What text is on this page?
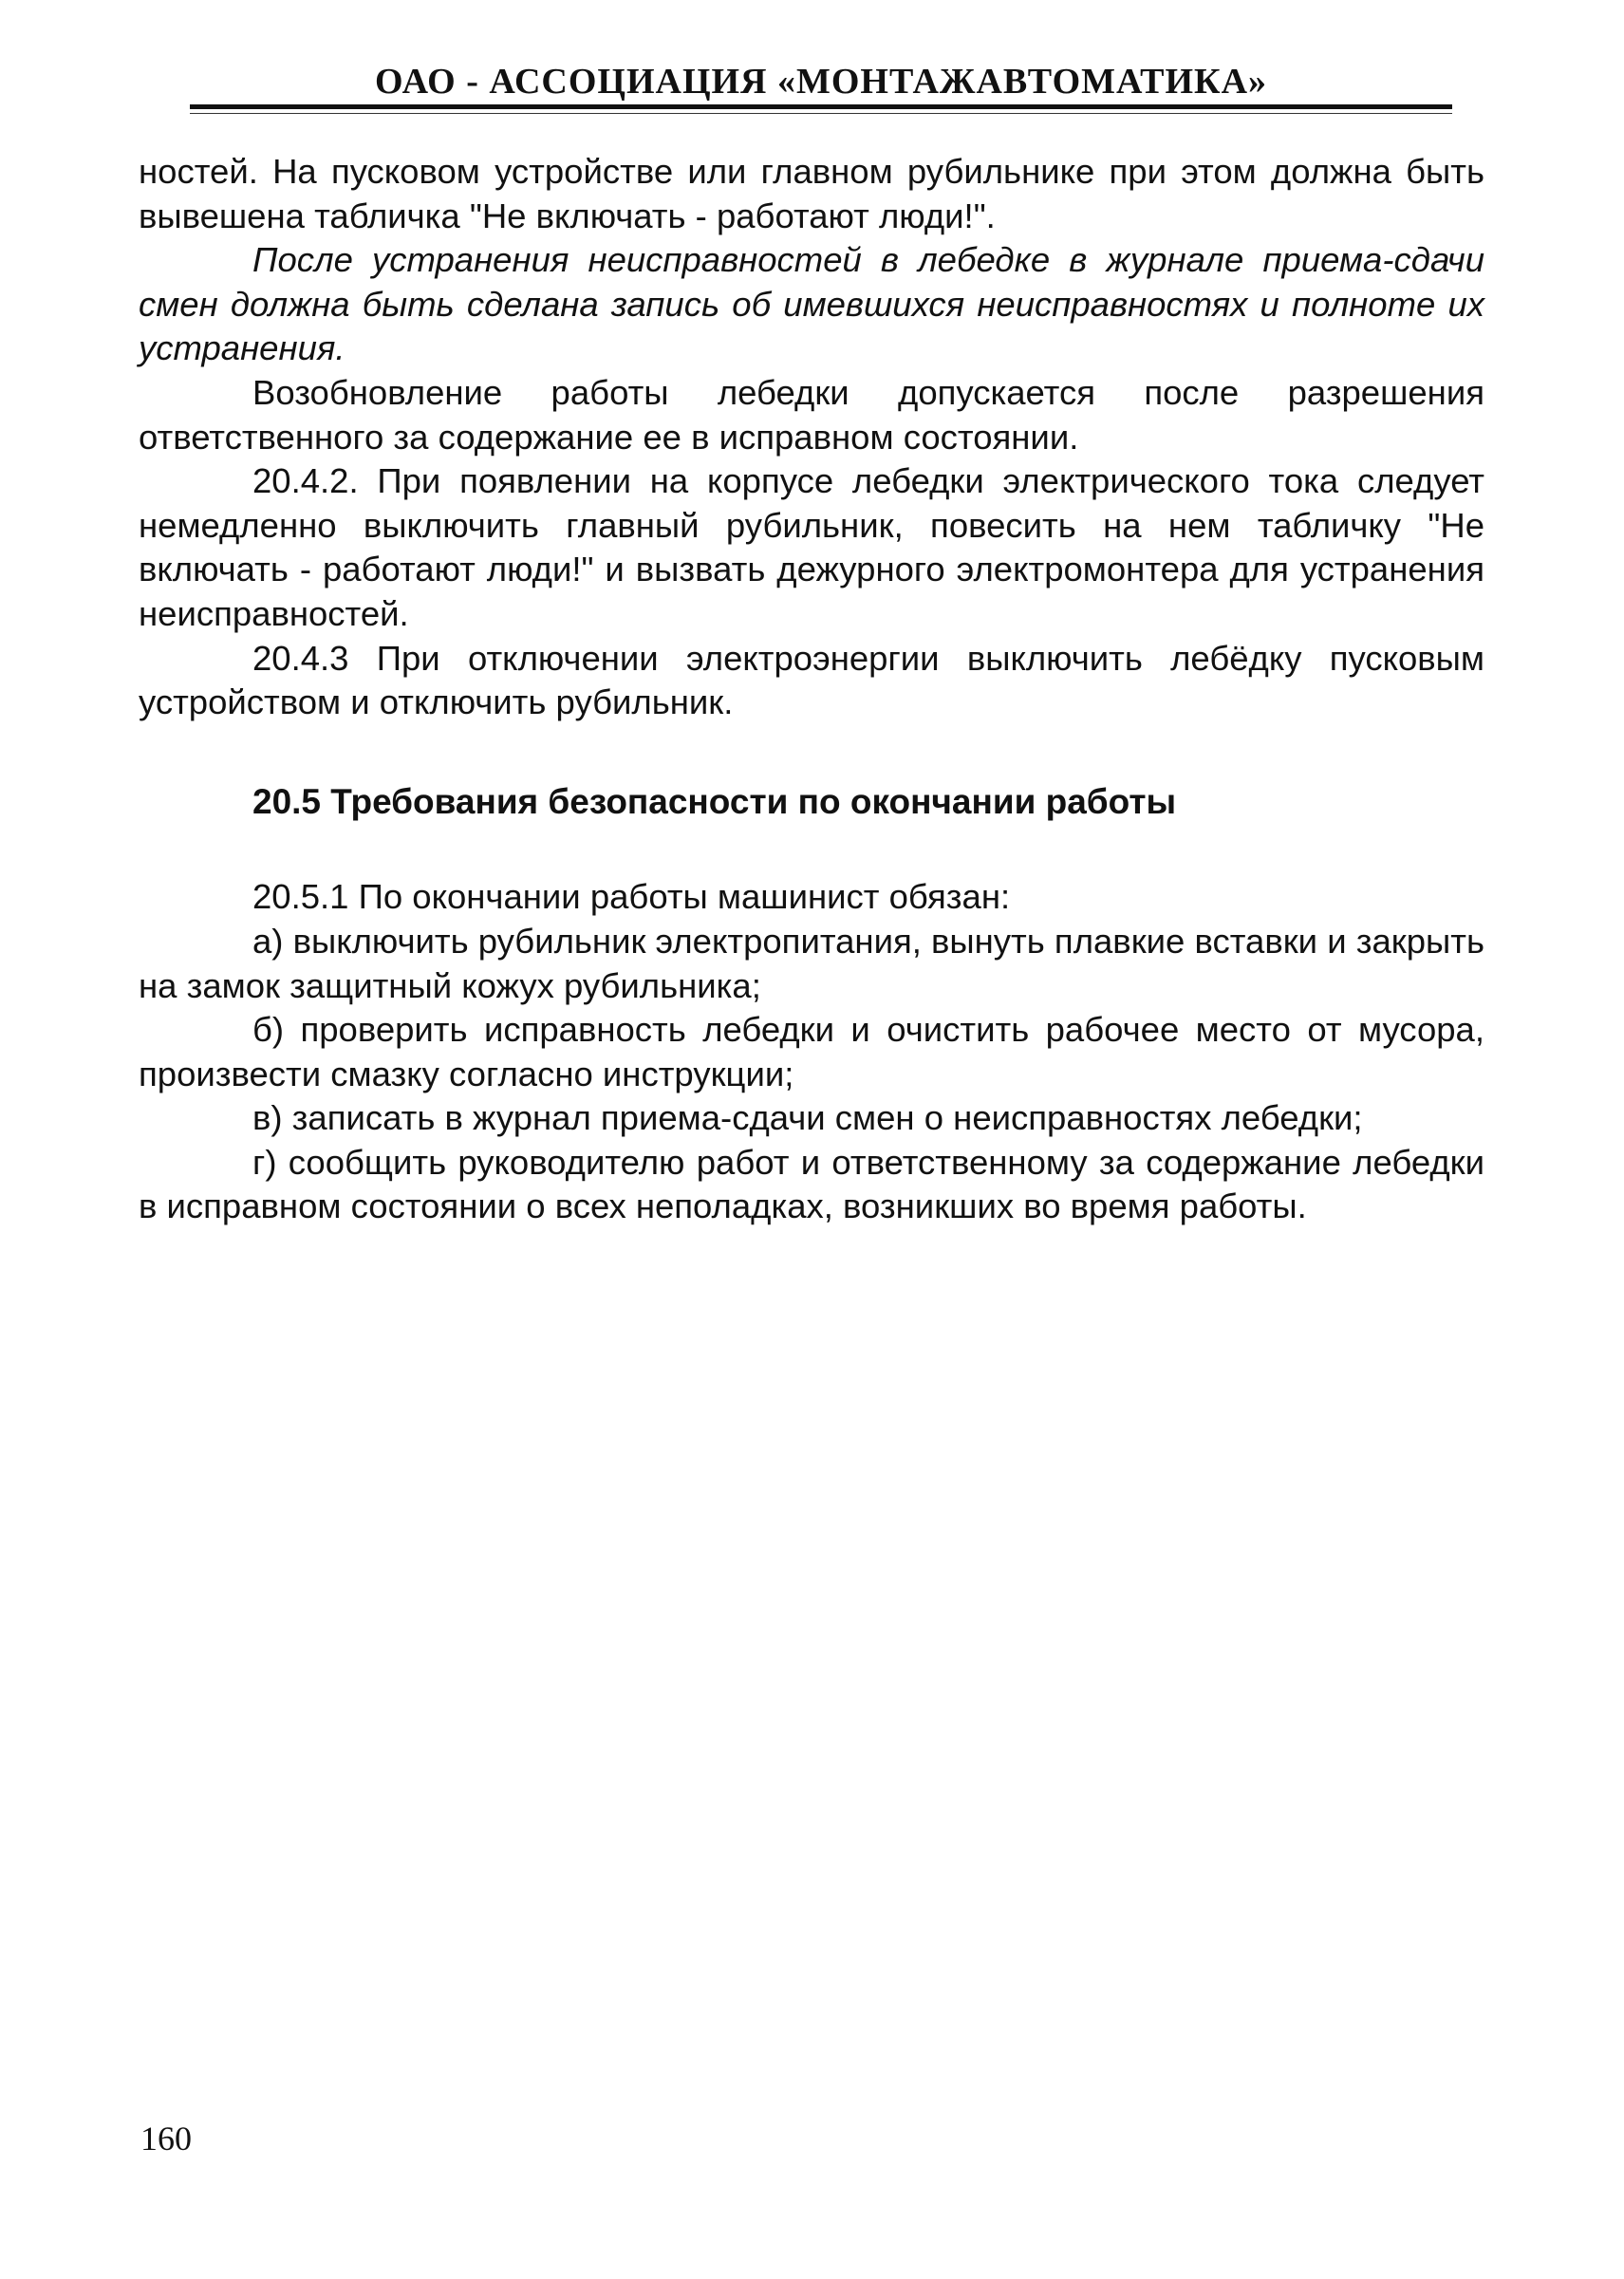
ОАО - АССОЦИАЦИЯ «МОНТАЖАВТОМАТИКА»

ностей. На пусковом устройстве или главном рубильнике при этом должна быть вывешена табличка "Не включать - работают люди!".

После устранения неисправностей в лебедке в журнале приема-сдачи смен должна быть сделана запись об имевшихся неисправностях и полноте их устранения.

Возобновление работы лебедки допускается после разрешения ответственного за содержание ее в исправном состоянии.

20.4.2. При появлении на корпусе лебедки электрического тока следует немедленно выключить главный рубильник, повесить на нем табличку "Не включать - работают люди!" и вызвать дежурного электромонтера для устранения неисправностей.

20.4.3 При отключении электроэнергии выключить лебёдку пусковым устройством и отключить рубильник.

20.5 Требования безопасности по окончании работы

20.5.1 По окончании работы машинист обязан:

а) выключить рубильник электропитания, вынуть плавкие вставки и закрыть на замок защитный кожух рубильника;

б) проверить исправность лебедки и очистить рабочее место от мусора, произвести смазку согласно инструкции;

в) записать в журнал приема-сдачи смен о неисправностях лебедки;

г) сообщить руководителю работ и ответственному за содержание лебедки в исправном состоянии о всех неполадках, возникших во время работы.

160
